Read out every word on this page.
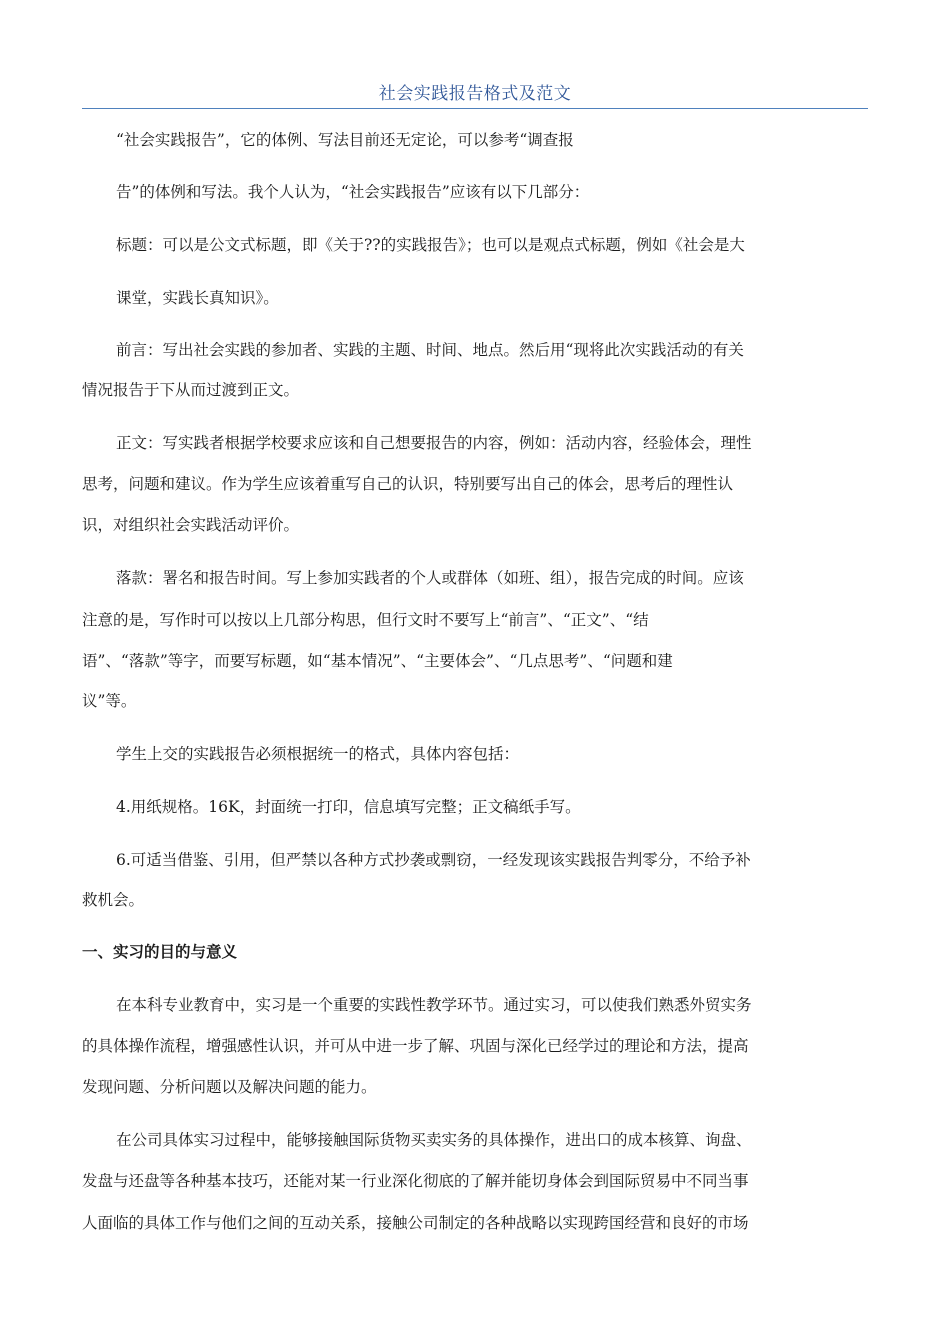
社会实践报告格式及范文
“社会实践报告”，它的体例、写法目前还无定论，可以参考“调查报
告”的体例和写法。我个人认为，“社会实践报告”应该有以下几部分：
标题：可以是公文式标题，即《关于??的实践报告》；也可以是观点式标题，例如《社会是大
课堂，实践长真知识》。
前言：写出社会实践的参加者、实践的主题、时间、地点。然后用“现将此次实践活动的有关
情况报告于下从而过渡到正文。
正文：写实践者根据学校要求应该和自己想要报告的内容，例如：活动内容，经验体会，理性
思考，问题和建议。作为学生应该着重写自己的认识，特别要写出自己的体会，思考后的理性认
识，对组织社会实践活动评价。
落款：署名和报告时间。写上参加实践者的个人或群体（如班、组），报告完成的时间。应该
注意的是，写作时可以按以上几部分构思，但行文时不要写上“前言”、“正文”、“结
语”、“落款”等字，而要写标题，如“基本情况”、“主要体会”、“几点思考”、“问题和建
议”等。
学生上交的实践报告必须根据统一的格式，具体内容包括：
4.用纸规格。16K，封面统一打印，信息填写完整；正文稿纸手写。
6.可适当借鉴、引用，但严禁以各种方式抄袭或剽窃，一经发现该实践报告判零分，不给予补
救机会。
一、实习的目的与意义
在本科专业教育中，实习是一个重要的实践性教学环节。通过实习，可以使我们熟悉外贸实务
的具体操作流程，增强感性认识，并可从中进一步了解、巩固与深化已经学过的理论和方法，提高
发现问题、分析问题以及解决问题的能力。
在公司具体实习过程中，能够接触国际货物买卖实务的具体操作，进出口的成本核算、询盘、
发盘与还盘等各种基本技巧，还能对某一行业深化彻底的了解并能切身体会到国际贸易中不同当事
人面临的具体工作与他们之间的互动关系，接触公司制定的各种战略以实现跨国经营和良好的市场
